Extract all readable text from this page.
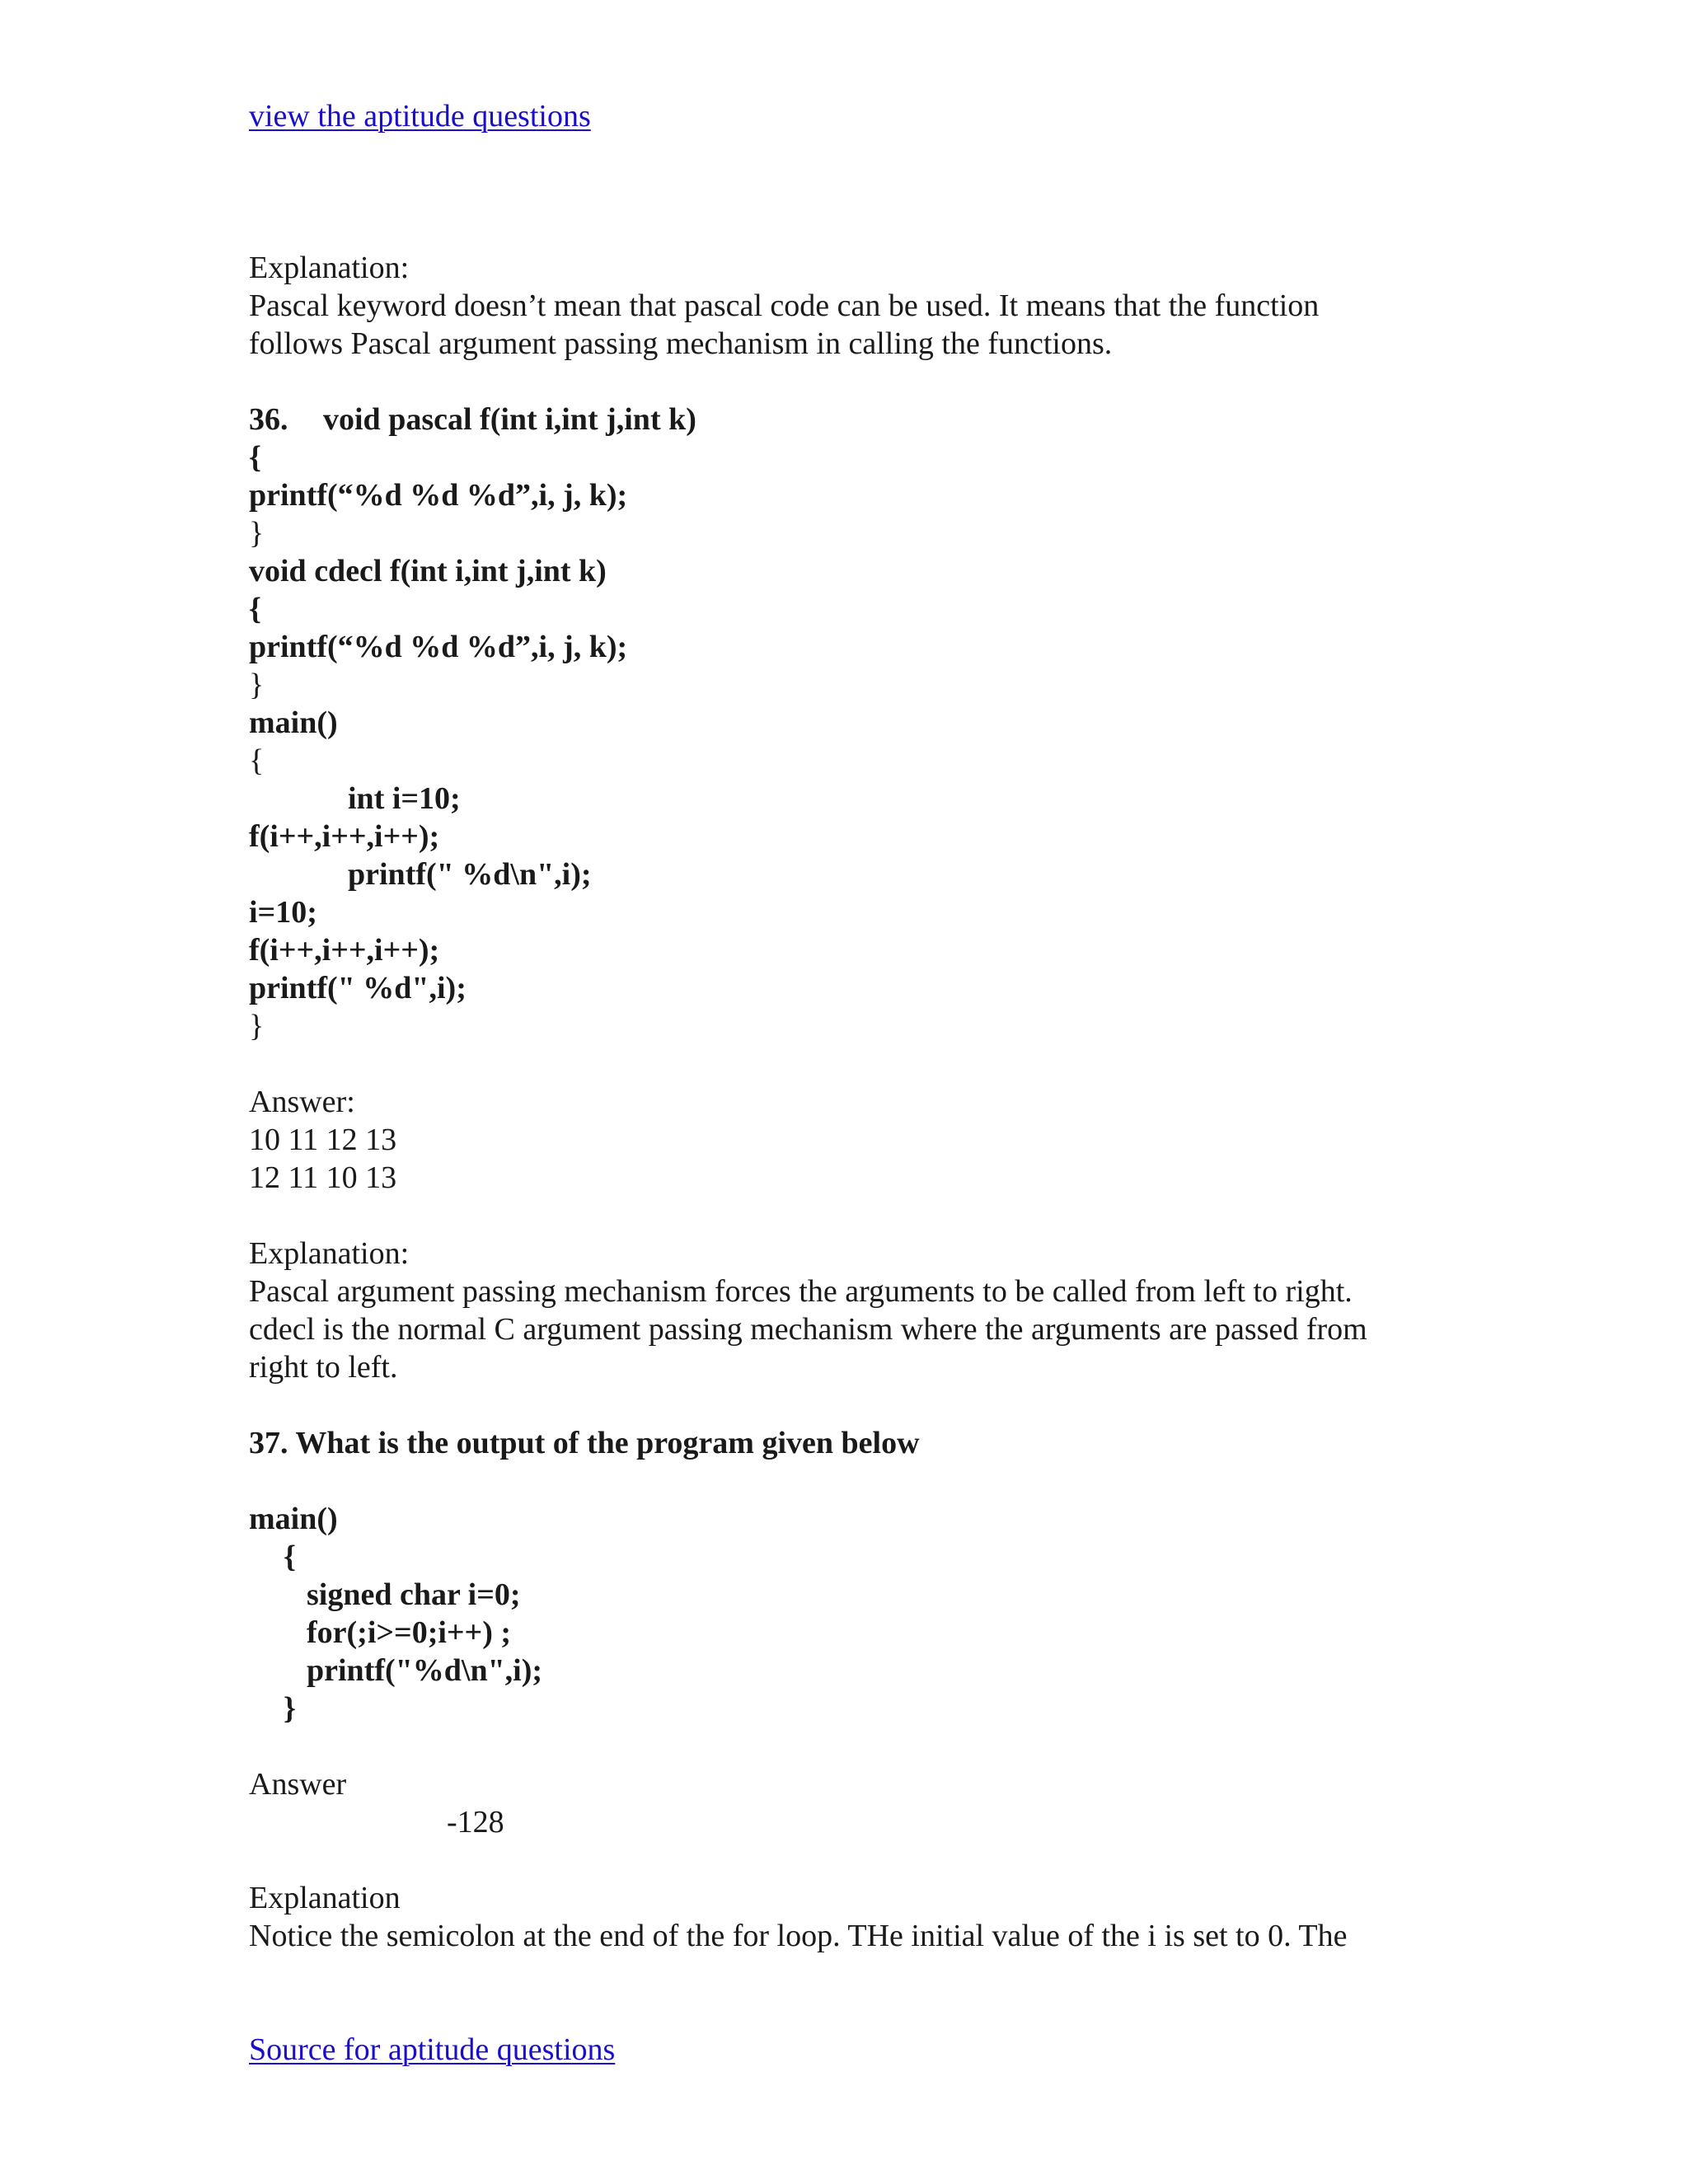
view the aptitude questions

Explanation:

Pascal keyword doesn’t mean that pascal code can be used. It means that the function

follows Pascal argument passing mechanism in calling the functions.

36. void pascal f(int i,int j,int k)

{

printf(“%d %d %d”,i, j, k);

}

void cdecl f(int i,int j,int k)

{

printf(“%d %d %d”,i, j, k);

}

main()

{

int i=10;

f(i++,i++,i++);

printf(" %d\n",i);

i=10;

f(i++,i++,i++);

printf(" %d",i);

}

Answer:

10 11 12 13

12 11 10 13

Explanation:

Pascal argument passing mechanism forces the arguments to be called from left to right.

cdecl is the normal C argument passing mechanism where the arguments are passed from

right to left.

37. What is the output of the program given below

main()

{

signed char i=0;

for(;i>=0;i++) ;

printf("%d\n",i);

}

Answer

-128

Explanation

Notice the semicolon at the end of the for loop. THe initial value of the i is set to 0. The

Source for aptitude questions
